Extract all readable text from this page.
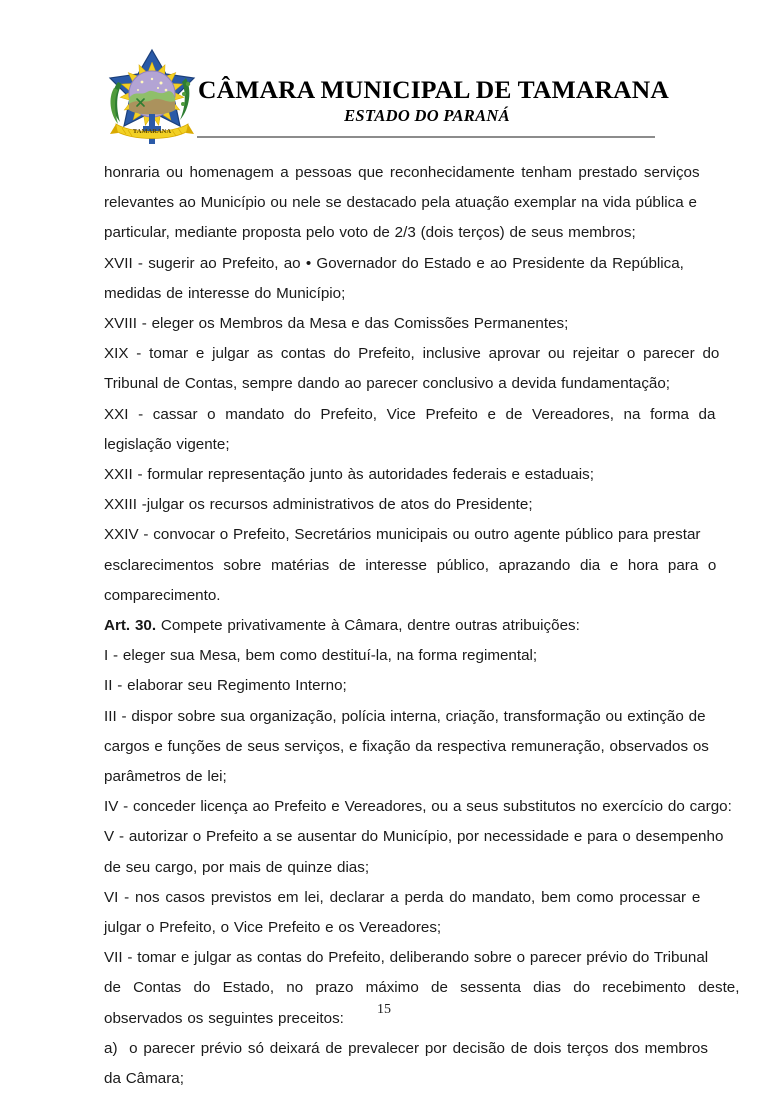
TAMARANA
CÂMARA MUNICIPAL DE TAMARANA
ESTADO DO PARANÁ
honraria ou homenagem a pessoas que reconhecidamente tenham prestado serviços
relevantes ao Município ou nele se destacado pela atuação exemplar na vida pública e
particular, mediante proposta pelo voto de 2/3 (dois terços) de seus membros;
XVII - sugerir ao Prefeito, ao • Governador do Estado e ao Presidente da República,
medidas de interesse do Município;
XVIII - eleger os Membros da Mesa e das Comissões Permanentes;
XIX - tomar e julgar as contas do Prefeito, inclusive aprovar ou rejeitar o parecer do
Tribunal de Contas, sempre dando ao parecer conclusivo a devida fundamentação;
XXI - cassar o mandato do Prefeito, Vice Prefeito e de Vereadores, na forma da
legislação vigente;
XXII - formular representação junto às autoridades federais e estaduais;
XXIII -julgar os recursos administrativos de atos do Presidente;
XXIV - convocar o Prefeito, Secretários municipais ou outro agente público para prestar
esclarecimentos sobre matérias de interesse público, aprazando dia e hora para o
comparecimento.
Art. 30. Compete privativamente à Câmara, dentre outras atribuições:
I - eleger sua Mesa, bem como destituí-la, na forma regimental;
II - elaborar seu Regimento Interno;
III - dispor sobre sua organização, polícia interna, criação, transformação ou extinção de
cargos e funções de seus serviços, e fixação da respectiva remuneração, observados os
parâmetros de lei;
IV - conceder licença ao Prefeito e Vereadores, ou a seus substitutos no exercício do cargo:
V - autorizar o Prefeito a se ausentar do Município, por necessidade e para o desempenho
de seu cargo, por mais de quinze dias;
VI - nos casos previstos em lei, declarar a perda do mandato, bem como processar e
julgar o Prefeito, o Vice Prefeito e os Vereadores;
VII - tomar e julgar as contas do Prefeito, deliberando sobre o parecer prévio do Tribunal
de Contas do Estado, no prazo máximo de sessenta dias do recebimento deste,
observados os seguintes preceitos:
a)  o parecer prévio só deixará de prevalecer por decisão de dois terços dos membros
da Câmara;
15
